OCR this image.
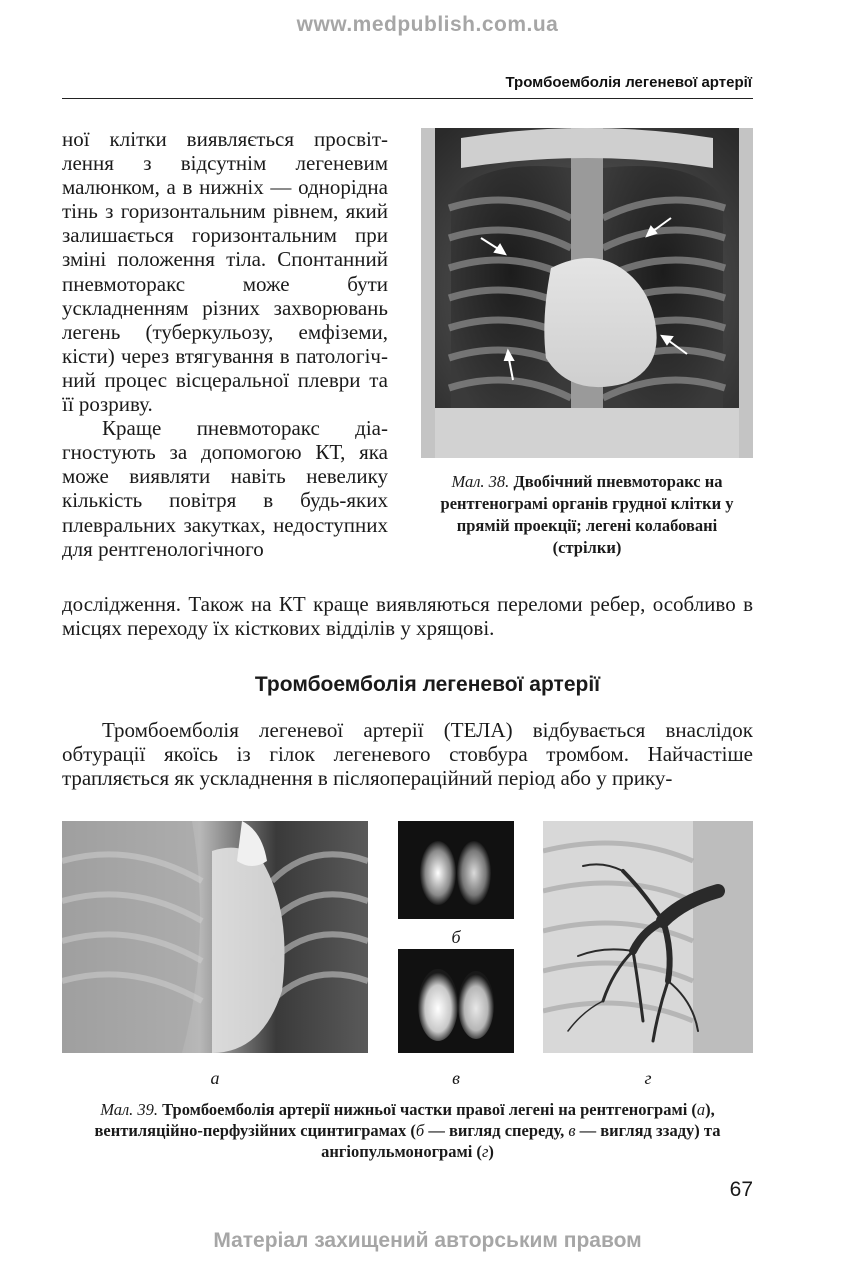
www.medpublish.com.ua
Тромбоемболія легеневої артерії

ної клітки виявляється просвітлення з відсутнім легеневим малюнком, а в нижніх — однорідна тінь з горизонтальним рівнем, який залишається горизонтальним при зміні положення тіла. Спонтанний пневмоторакс може бути ускладненням різних захворювань легень (туберкульозу, емфіземи, кісти) через втягування в патологічний процес вісцеральної плеври та її розриву.

Краще пневмоторакс діагностують за допомогою КТ, яка може виявляти навіть невелику кількість повітря в будь-яких плевральних закутках, недоступних для рентгенологічного

Мал. 38. Двобічний пневмоторакс на рентгенограмі органів грудної клітки у прямій проекції; легені колабовані (стрілки)
дослідження. Також на КТ краще виявляються переломи ребер, особливо в місцях переходу їх кісткових відділів у хрящові.
Тромбоемболія легеневої артерії
Тромбоемболія легеневої артерії (ТЕЛА) відбувається внаслідок обтурації якоїсь із гілок легеневого стовбура тромбом. Найчастіше трапляється як ускладнення в післяопераційний період або у прику-
б
а	в	г
Мал. 39. Тромбоемболія артерії нижньої частки правої легені на рентгенограмі (а), вентиляційно-перфузійних сцинтиграмах (б — вигляд спереду, в — вигляд ззаду) та ангіопульмонограмі (г)
67
Матеріал захищений авторським правом
